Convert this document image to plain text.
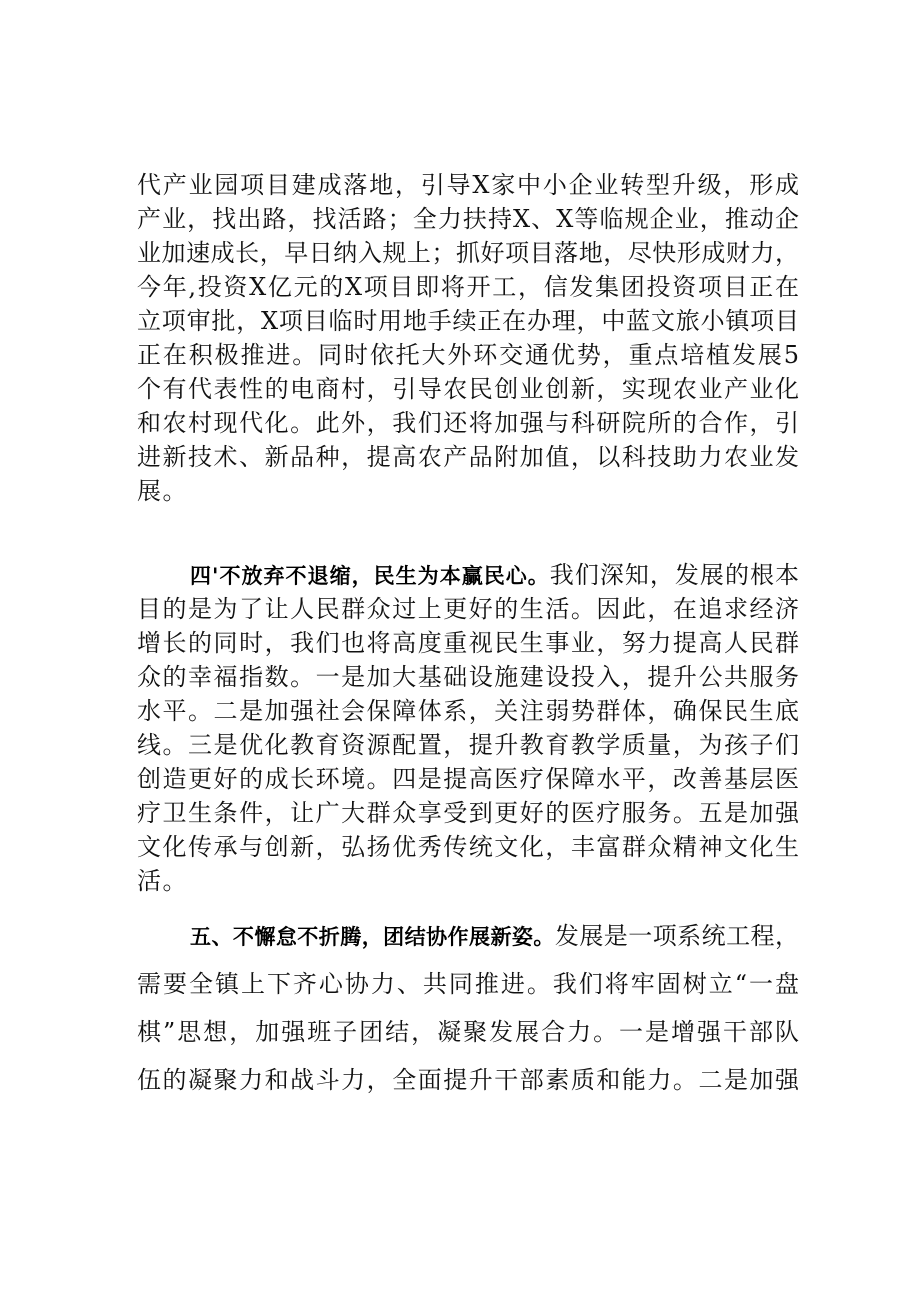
代产业园项目建成落地，引导X家中小企业转型升级，形成
产业，找出路，找活路；全力扶持X、X等临规企业，推动企
业加速成长，早日纳入规上；抓好项目落地，尽快形成财力，
今年,投资X亿元的X项目即将开工，信发集团投资项目正在
立项审批，X项目临时用地手续正在办理，中蓝文旅小镇项目
正在积极推进。同时依托大外环交通优势，重点培植发展5
个有代表性的电商村，引导农民创业创新，实现农业产业化
和农村现代化。此外，我们还将加强与科研院所的合作，引
进新技术、新品种，提高农产品附加值，以科技助力农业发
展。
四'不放弃不退缩，民生为本赢民心。我们深知，发展的根本
目的是为了让人民群众过上更好的生活。因此，在追求经济
增长的同时，我们也将高度重视民生事业，努力提高人民群
众的幸福指数。一是加大基础设施建设投入，提升公共服务
水平。二是加强社会保障体系，关注弱势群体，确保民生底
线。三是优化教育资源配置，提升教育教学质量，为孩子们
创造更好的成长环境。四是提高医疗保障水平，改善基层医
疗卫生条件，让广大群众享受到更好的医疗服务。五是加强
文化传承与创新，弘扬优秀传统文化，丰富群众精神文化生
活。
五、不懈怠不折腾，团结协作展新姿。发展是一项系统工程，
需要全镇上下齐心协力、共同推进。我们将牢固树立“一盘
棋”思想，加强班子团结，凝聚发展合力。一是增强干部队
伍的凝聚力和战斗力，全面提升干部素质和能力。二是加强
